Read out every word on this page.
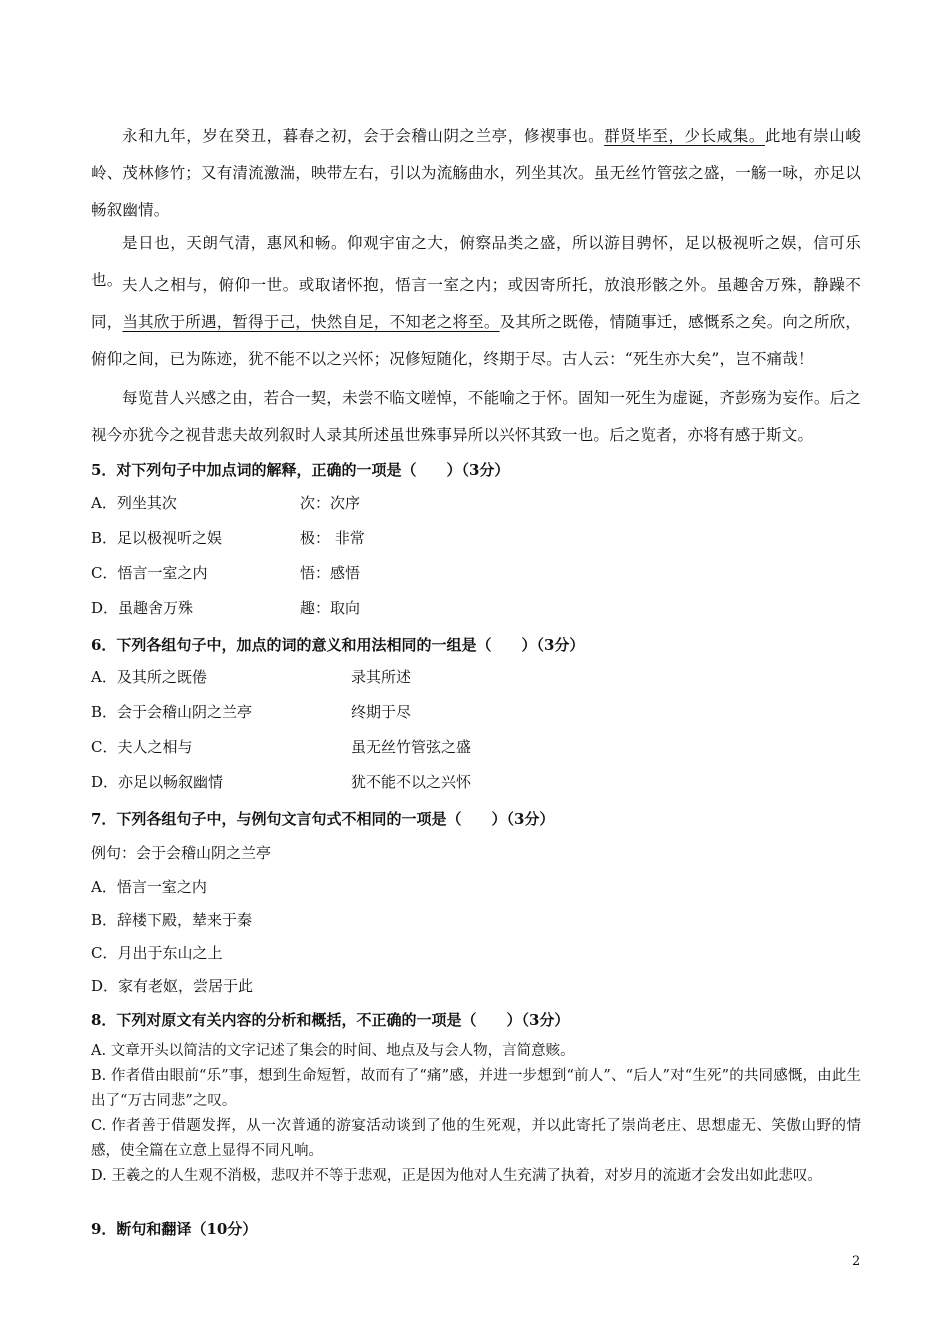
永和九年，岁在癸丑，暮春之初，会于会稽山阴之兰亭，修禊事也。群贤毕至，少长咸集。此地有崇山峻岭、茂林修竹；又有清流激湍，映带左右，引以为流觞曲水，列坐其次。虽无丝竹管弦之盛，一觞一咏，亦足以畅叙幽情。
是日也，天朗气清，惠风和畅。仰观宇宙之大，俯察品类之盛，所以游目骋怀，足以极视听之娱，信可乐也。 夫人之相与，俯仰一世。或取诸怀抱，悟言一室之内；或因寄所托，放浪形骸之外。虽趣舍万殊，静躁不同，当其欣于所遇，暂得于己，快然自足，不知老之将至。及其所之既倦，情随事迁，感慨系之矣。向之所欣，俯仰之间，已为陈迹，犹不能不以之兴怀；况修短随化，终期于尽。古人云：“死生亦大矣”，岂不痛哉！
每览昔人兴感之由，若合一契，未尝不临文嗟悼，不能喻之于怀。固知一死生为虚诞，齐彭殇为妄作。后之视今亦犹今之视昔悲夫故列叙时人录其所述虽世殊事异所以兴怀其致一也。后之览者，亦将有感于斯文。
5．对下列句子中加点词的解释，正确的一项是（　　）（3分）
A．列坐其次	次：次序
B．足以极视听之娱	极： 非常
C．悟言一室之内	悟：感悟
D．虽趣舍万殊	趣：取向
6．下列各组句子中，加点的词的意义和用法相同的一组是（　　）（3分）
A．及其所之既倦	录其所述
B．会于会稽山阴之兰亭	终期于尽
C．夫人之相与	虽无丝竹管弦之盛
D．亦足以畅叙幽情	犹不能不以之兴怀
7．下列各组句子中，与例句文言句式不相同的一项是（　　）（3分）
例句：会于会稽山阴之兰亭
A．悟言一室之内
B．辞楼下殿，辇来于秦
C．月出于东山之上
D．家有老妪，尝居于此
8．下列对原文有关内容的分析和概括，不正确的一项是（　　）（3分）
A. 文章开头以简洁的文字记述了集会的时间、地点及与会人物，言简意赅。
B. 作者借由眼前“乐”事，想到生命短暂，故而有了“痛”感，并进一步想到“前人”、“后人”对“生死”的共同感慨，由此生出了“万古同悲”之叹。
C. 作者善于借题发挥，从一次普通的游宴活动谈到了他的生死观，并以此寄托了崇尚老庄、思想虚无、笑傲山野的情感，使全篇在立意上显得不同凡响。
D. 王羲之的人生观不消极，悲叹并不等于悲观，正是因为他对人生充满了执着，对岁月的流逝才会发出如此悲叹。
9．断句和翻译（10分）
2
